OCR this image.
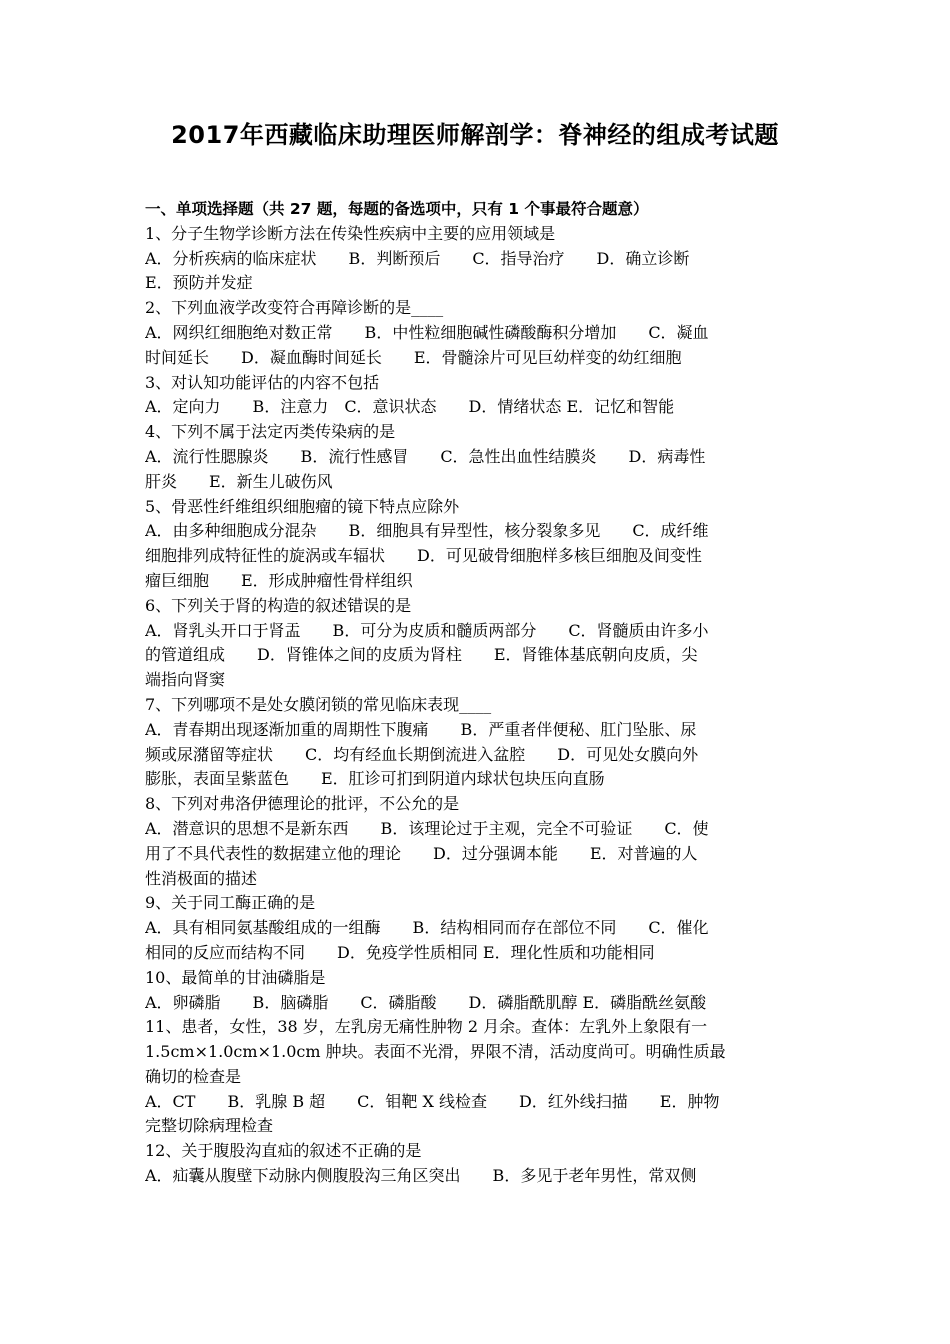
2017年西藏临床助理医师解剖学：脊神经的组成考试题
一、单项选择题（共 27 题，每题的备选项中，只有 1 个事最符合题意）
1、分子生物学诊断方法在传染性疾病中主要的应用领域是
A．分析疾病的临床症状　　B．判断预后　　C．指导治疗　　D．确立诊断
E．预防并发症
2、下列血液学改变符合再障诊断的是____
A．网织红细胞绝对数正常　　B．中性粒细胞碱性磷酸酶积分增加　　C．凝血
时间延长　　D．凝血酶时间延长　　E．骨髓涂片可见巨幼样变的幼红细胞
3、对认知功能评估的内容不包括
A．定向力　　B．注意力　C．意识状态　　D．情绪状态 E．记忆和智能
4、下列不属于法定丙类传染病的是
A．流行性腮腺炎　　B．流行性感冒　　C．急性出血性结膜炎　　D．病毒性
肝炎　　E．新生儿破伤风
5、骨恶性纤维组织细胞瘤的镜下特点应除外
A．由多种细胞成分混杂　　B．细胞具有异型性，核分裂象多见　　C．成纤维
细胞排列成特征性的旋涡或车辐状　　D．可见破骨细胞样多核巨细胞及间变性
瘤巨细胞　　E．形成肿瘤性骨样组织
6、下列关于肾的构造的叙述错误的是
A．肾乳头开口于肾盂　　B．可分为皮质和髓质两部分　　C．肾髓质由许多小
的管道组成　　D．肾锥体之间的皮质为肾柱　　E．肾锥体基底朝向皮质，尖
端指向肾窦
7、下列哪项不是处女膜闭锁的常见临床表现____
A．青春期出现逐渐加重的周期性下腹痛　　B．严重者伴便秘、肛门坠胀、尿
频或尿潴留等症状　　C．均有经血长期倒流进入盆腔　　D．可见处女膜向外
膨胀，表面呈紫蓝色　　E．肛诊可扪到阴道内球状包块压向直肠
8、下列对弗洛伊德理论的批评，不公允的是
A．潜意识的思想不是新东西　　B．该理论过于主观，完全不可验证　　C．使
用了不具代表性的数据建立他的理论　　D．过分强调本能　　E．对普遍的人
性消极面的描述
9、关于同工酶正确的是
A．具有相同氨基酸组成的一组酶　　B．结构相同而存在部位不同　　C．催化
相同的反应而结构不同　　D．免疫学性质相同 E．理化性质和功能相同
10、最简单的甘油磷脂是
A．卵磷脂　　B．脑磷脂　　C．磷脂酸　　D．磷脂酰肌醇 E．磷脂酰丝氨酸
11、患者，女性，38 岁，左乳房无痛性肿物 2 月余。查体：左乳外上象限有一
1.5cm×1.0cm×1.0cm 肿块。表面不光滑，界限不清，活动度尚可。明确性质最
确切的检查是
A．CT　　B．乳腺 B 超　　C．钼靶 X 线检查　　D．红外线扫描　　E．肿物
完整切除病理检查
12、关于腹股沟直疝的叙述不正确的是
A．疝囊从腹壁下动脉内侧腹股沟三角区突出　　B．多见于老年男性，常双侧
